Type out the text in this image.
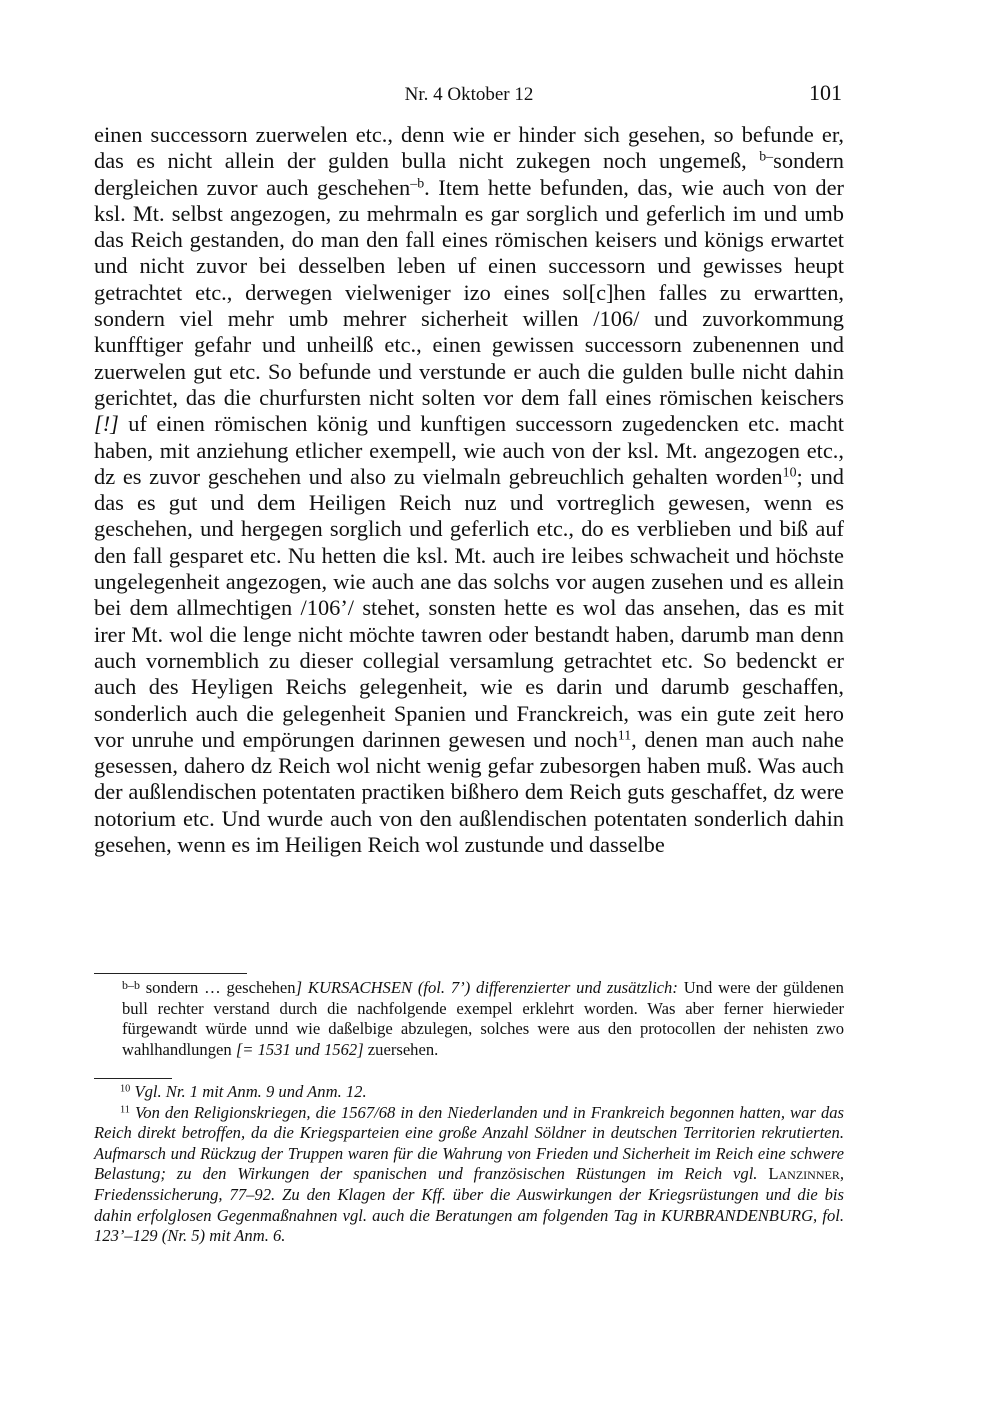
Nr. 4 Oktober 12	101

einen successorn zuerwelen etc., denn wie er hinder sich gesehen, so befunde er, das es nicht allein der gulden bulla nicht zukegen noch ungemeß, $^{b-}$sondern dergleichen zuvor auch geschehen$^{-b}$. Item hette befunden, das, wie auch von der ksl. Mt. selbst angezogen, zu mehrmaln es gar sorglich und geferlich im und umb das Reich gestanden, do man den fall eines römischen keisers und königs erwartet und nicht zuvor bei desselben leben uf einen successorn und gewisses heupt getrachtet etc., derwegen vielweniger izo eines sol[c]hen falles zu erwartten, sondern viel mehr umb mehrer sicherheit willen /106/ und zuvorkommung kunfftiger gefahr und unheilß etc., einen gewissen successorn zubenennen und zuerwelen gut etc. So befunde und verstunde er auch die gulden bulle nicht dahin gerichtet, das die churfursten nicht solten vor dem fall eines römischen keischers [!] uf einen römischen könig und kunftigen successorn zugedencken etc. macht haben, mit anziehung etlicher exempell, wie auch von der ksl. Mt. angezogen etc., dz es zuvor geschehen und also zu vielmaln gebreuchlich gehalten worden$^{10}$; und das es gut und dem Heiligen Reich nuz und vortreglich gewesen, wenn es geschehen, und hergegen sorglich und geferlich etc., do es verblieben und biß auf den fall gesparet etc. Nu hetten die ksl. Mt. auch ire leibes schwacheit und höchste ungelegenheit angezogen, wie auch ane das solchs vor augen zusehen und es allein bei dem allmechtigen /106’/ stehet, sonsten hette es wol das ansehen, das es mit irer Mt. wol die lenge nicht möchte tawren oder bestandt haben, darumb man denn auch vornemblich zu dieser collegial versamlung getrachtet etc. So bedenckt er auch des Heyligen Reichs gelegenheit, wie es darin und darumb geschaffen, sonderlich auch die gelegenheit Spanien und Franckreich, was ein gute zeit hero vor unruhe und empörungen darinnen gewesen und noch$^{11}$, denen man auch nahe gesessen, dahero dz Reich wol nicht wenig gefar zubesorgen haben muß. Was auch der außlendischen potentaten practiken bißhero dem Reich guts geschaffet, dz were notorium etc. Und wurde auch von den außlendischen potentaten sonderlich dahin gesehen, wenn es im Heiligen Reich wol zustunde und dasselbe

$^{b-b}$ sondern … geschehen] KURSACHSEN (fol. 7’) differenzierter und zusätzlich: Und were der güldenen bull rechter verstand durch die nachfolgende exempel erklehrt worden. Was aber ferner hierwieder fürgewandt würde unnd wie daßelbige abzulegen, solches were aus den protocollen der nehisten zwo wahlhandlungen [= 1531 und 1562] zuersehen.

$^{10}$ Vgl. Nr. 1 mit Anm. 9 und Anm. 12.

$^{11}$ Von den Religionskriegen, die 1567/68 in den Niederlanden und in Frankreich begonnen hatten, war das Reich direkt betroffen, da die Kriegsparteien eine große Anzahl Söldner in deutschen Territorien rekrutierten. Aufmarsch und Rückzug der Truppen waren für die Wahrung von Frieden und Sicherheit im Reich eine schwere Belastung; zu den Wirkungen der spanischen und französischen Rüstungen im Reich vgl. Lanzinner, Friedenssicherung, 77–92. Zu den Klagen der Kff. über die Auswirkungen der Kriegsrüstungen und die bis dahin erfolglosen Gegenmaßnahnen vgl. auch die Beratungen am folgenden Tag in KURBRANDENBURG, fol. 123’–129 (Nr. 5) mit Anm. 6.
